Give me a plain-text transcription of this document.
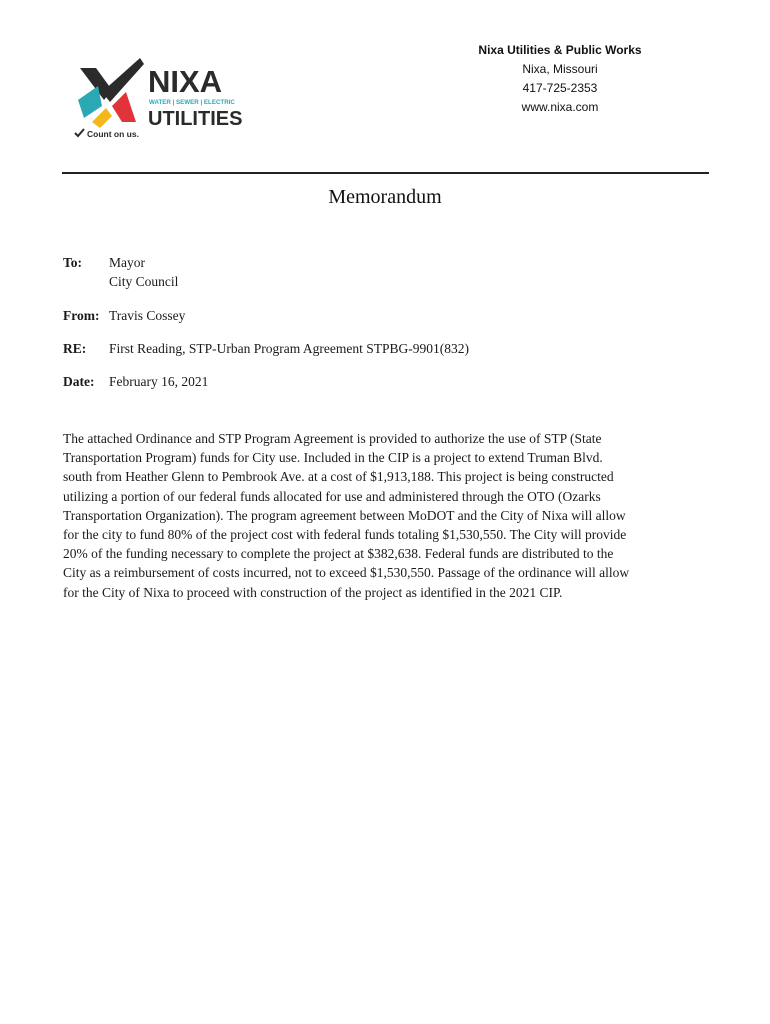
NIXA
WATER | SEWER | ELECTRIC
UTILITIES
Count on us.
Nixa Utilities & Public Works
Nixa, Missouri
417-725-2353
www.nixa.com
Memorandum
To: Mayor
City Council
From: Travis Cossey
RE: First Reading, STP-Urban Program Agreement STPBG-9901(832)
Date: February 16, 2021
The attached Ordinance and STP Program Agreement is provided to authorize the use of STP (State
Transportation Program) funds for City use. Included in the CIP is a project to extend Truman Blvd.
south from Heather Glenn to Pembrook Ave. at a cost of $1,913,188. This project is being constructed
utilizing a portion of our federal funds allocated for use and administered through the OTO (Ozarks
Transportation Organization). The program agreement between MoDOT and the City of Nixa will allow
for the city to fund 80% of the project cost with federal funds totaling $1,530,550. The City will provide
20% of the funding necessary to complete the project at $382,638. Federal funds are distributed to the
City as a reimbursement of costs incurred, not to exceed $1,530,550. Passage of the ordinance will allow
for the City of Nixa to proceed with construction of the project as identified in the 2021 CIP.
